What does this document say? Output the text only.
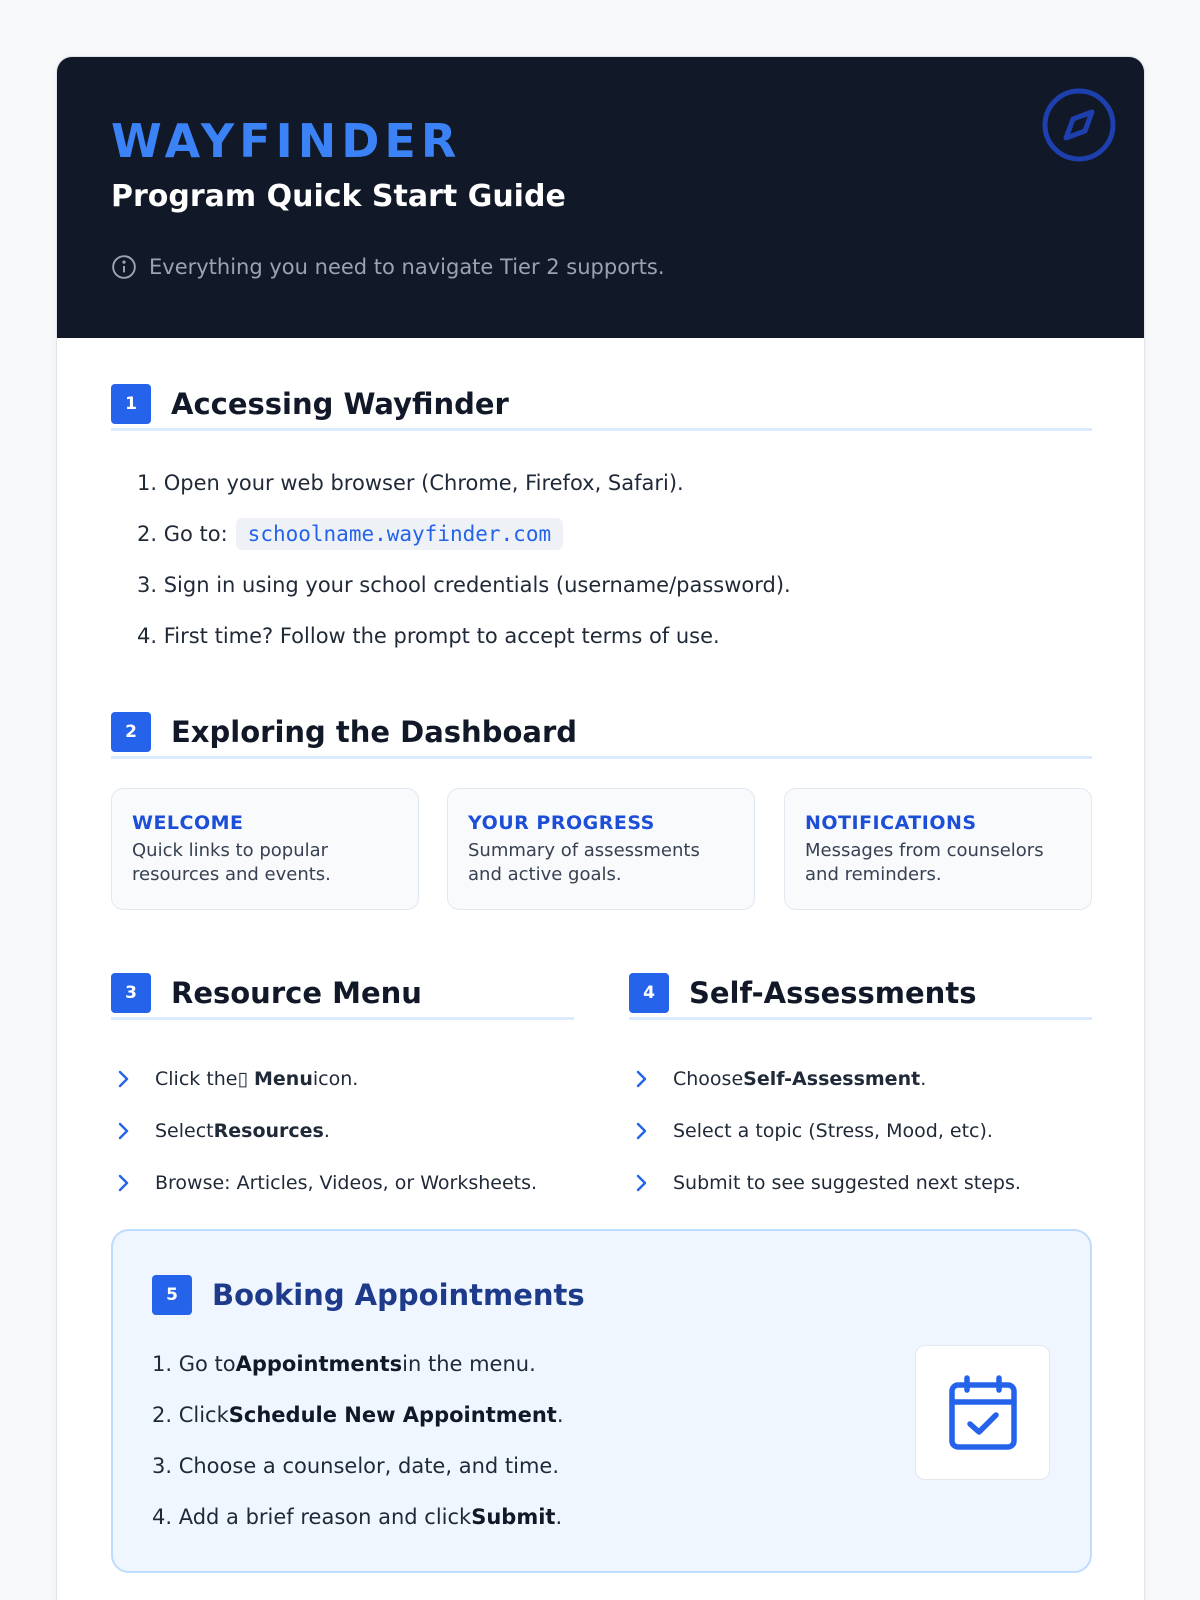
WAYFINDER
Program Quick Start Guide
Everything you need to navigate Tier 2 supports.
1	Accessing Wayfinder
1. Open your web browser (Chrome, Firefox, Safari).
2. Go to: schoolname.wayfinder.com
3. Sign in using your school credentials (username/password).
4. First time? Follow the prompt to accept terms of use.
2	Exploring the Dashboard
WELCOME
Quick links to popular resources and events.
YOUR PROGRESS
Summary of assessments and active goals.
NOTIFICATIONS
Messages from counselors and reminders.
3	Resource Menu
Click the ▯
Menu icon.
Select Resources .
Browse: Articles, Videos, or Worksheets.
4	Self-Assessments
Choose Self-Assessment .
Select a topic (Stress, Mood, etc).
Submit to see suggested next steps.
5	Booking Appointments
1. Go to Appointments in the menu.
2. Click Schedule New Appointment .
3. Choose a counselor, date, and time.
4. Add a brief reason and click Submit .
